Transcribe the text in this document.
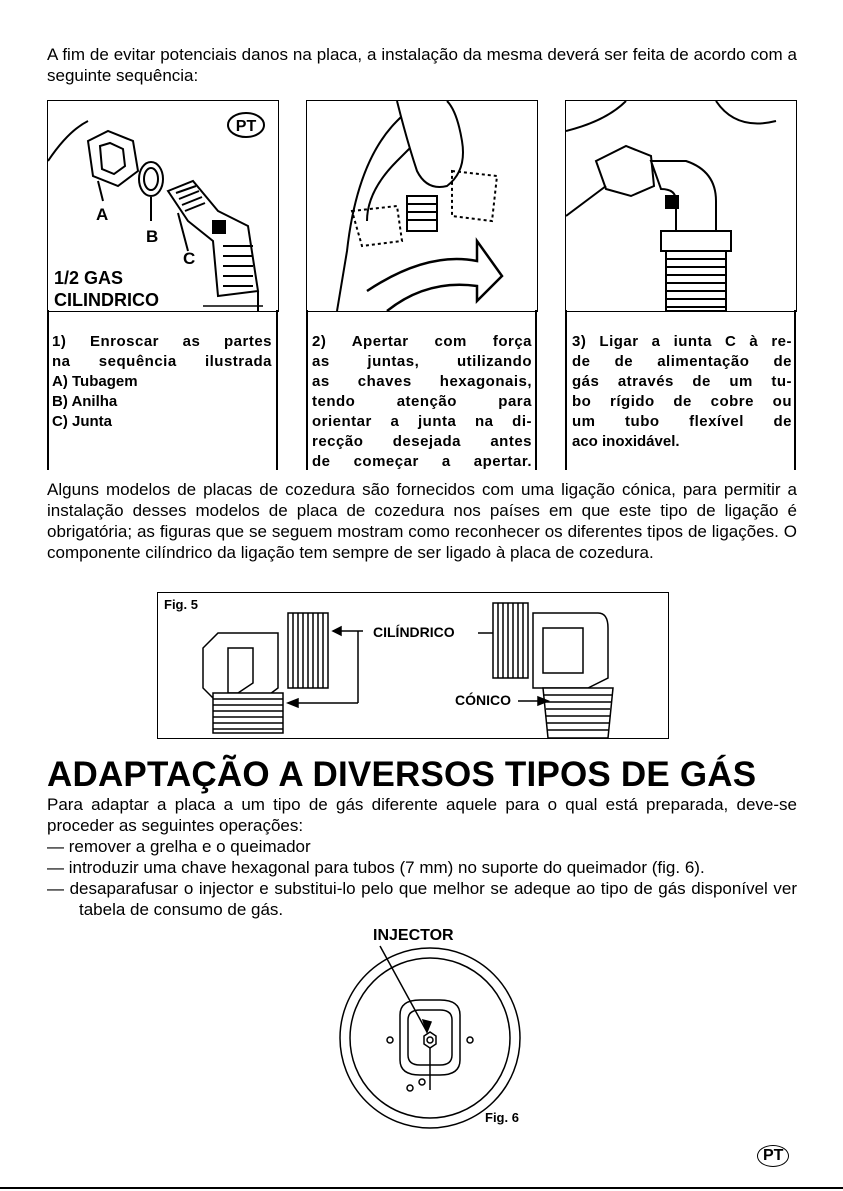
A fim de evitar potenciais danos na placa, a instalação da mesma deverá ser feita de acordo com a seguinte sequência:

PT
A
B
C
1/2 GAS
CILINDRICO
1) Enroscar as partes
na sequência ilustrada
A) Tubagem
B) Anilha
C) Junta
2) Apertar com força
as juntas, utilizando
as chaves hexagonais,
tendo atenção para
orientar a junta na di-
recção desejada antes
de começar a apertar.
3) Ligar a iunta C à re-
de de alimentação de
gás através de um tu-
bo rígido de cobre ou
um tubo flexível de
aco inoxidável.

Alguns modelos de placas de cozedura são fornecidos com uma ligação cónica, para permitir a instalação desses modelos de placa de cozedura nos países em que este tipo de ligação é obrigatória; as figuras que se seguem mostram como reconhecer os diferentes tipos de ligações. O componente cilíndrico da ligação tem sempre de ser ligado à placa de cozedura.

Fig. 5
CILÍNDRICO
CÓNICO
ADAPTAÇÃO A DIVERSOS TIPOS DE GÁS

Para adaptar a placa a um tipo de gás diferente aquele para o qual está preparada, deve-se proceder as seguintes operações:

— remover a grelha e o queimador
— introduzir uma chave hexagonal para tubos (7 mm) no suporte do queimador (fig. 6).
— desaparafusar o injector e substitui-lo pelo que melhor se adeque ao tipo de gás disponível ver tabela de consumo de gás.
INJECTOR
Fig. 6
PT
